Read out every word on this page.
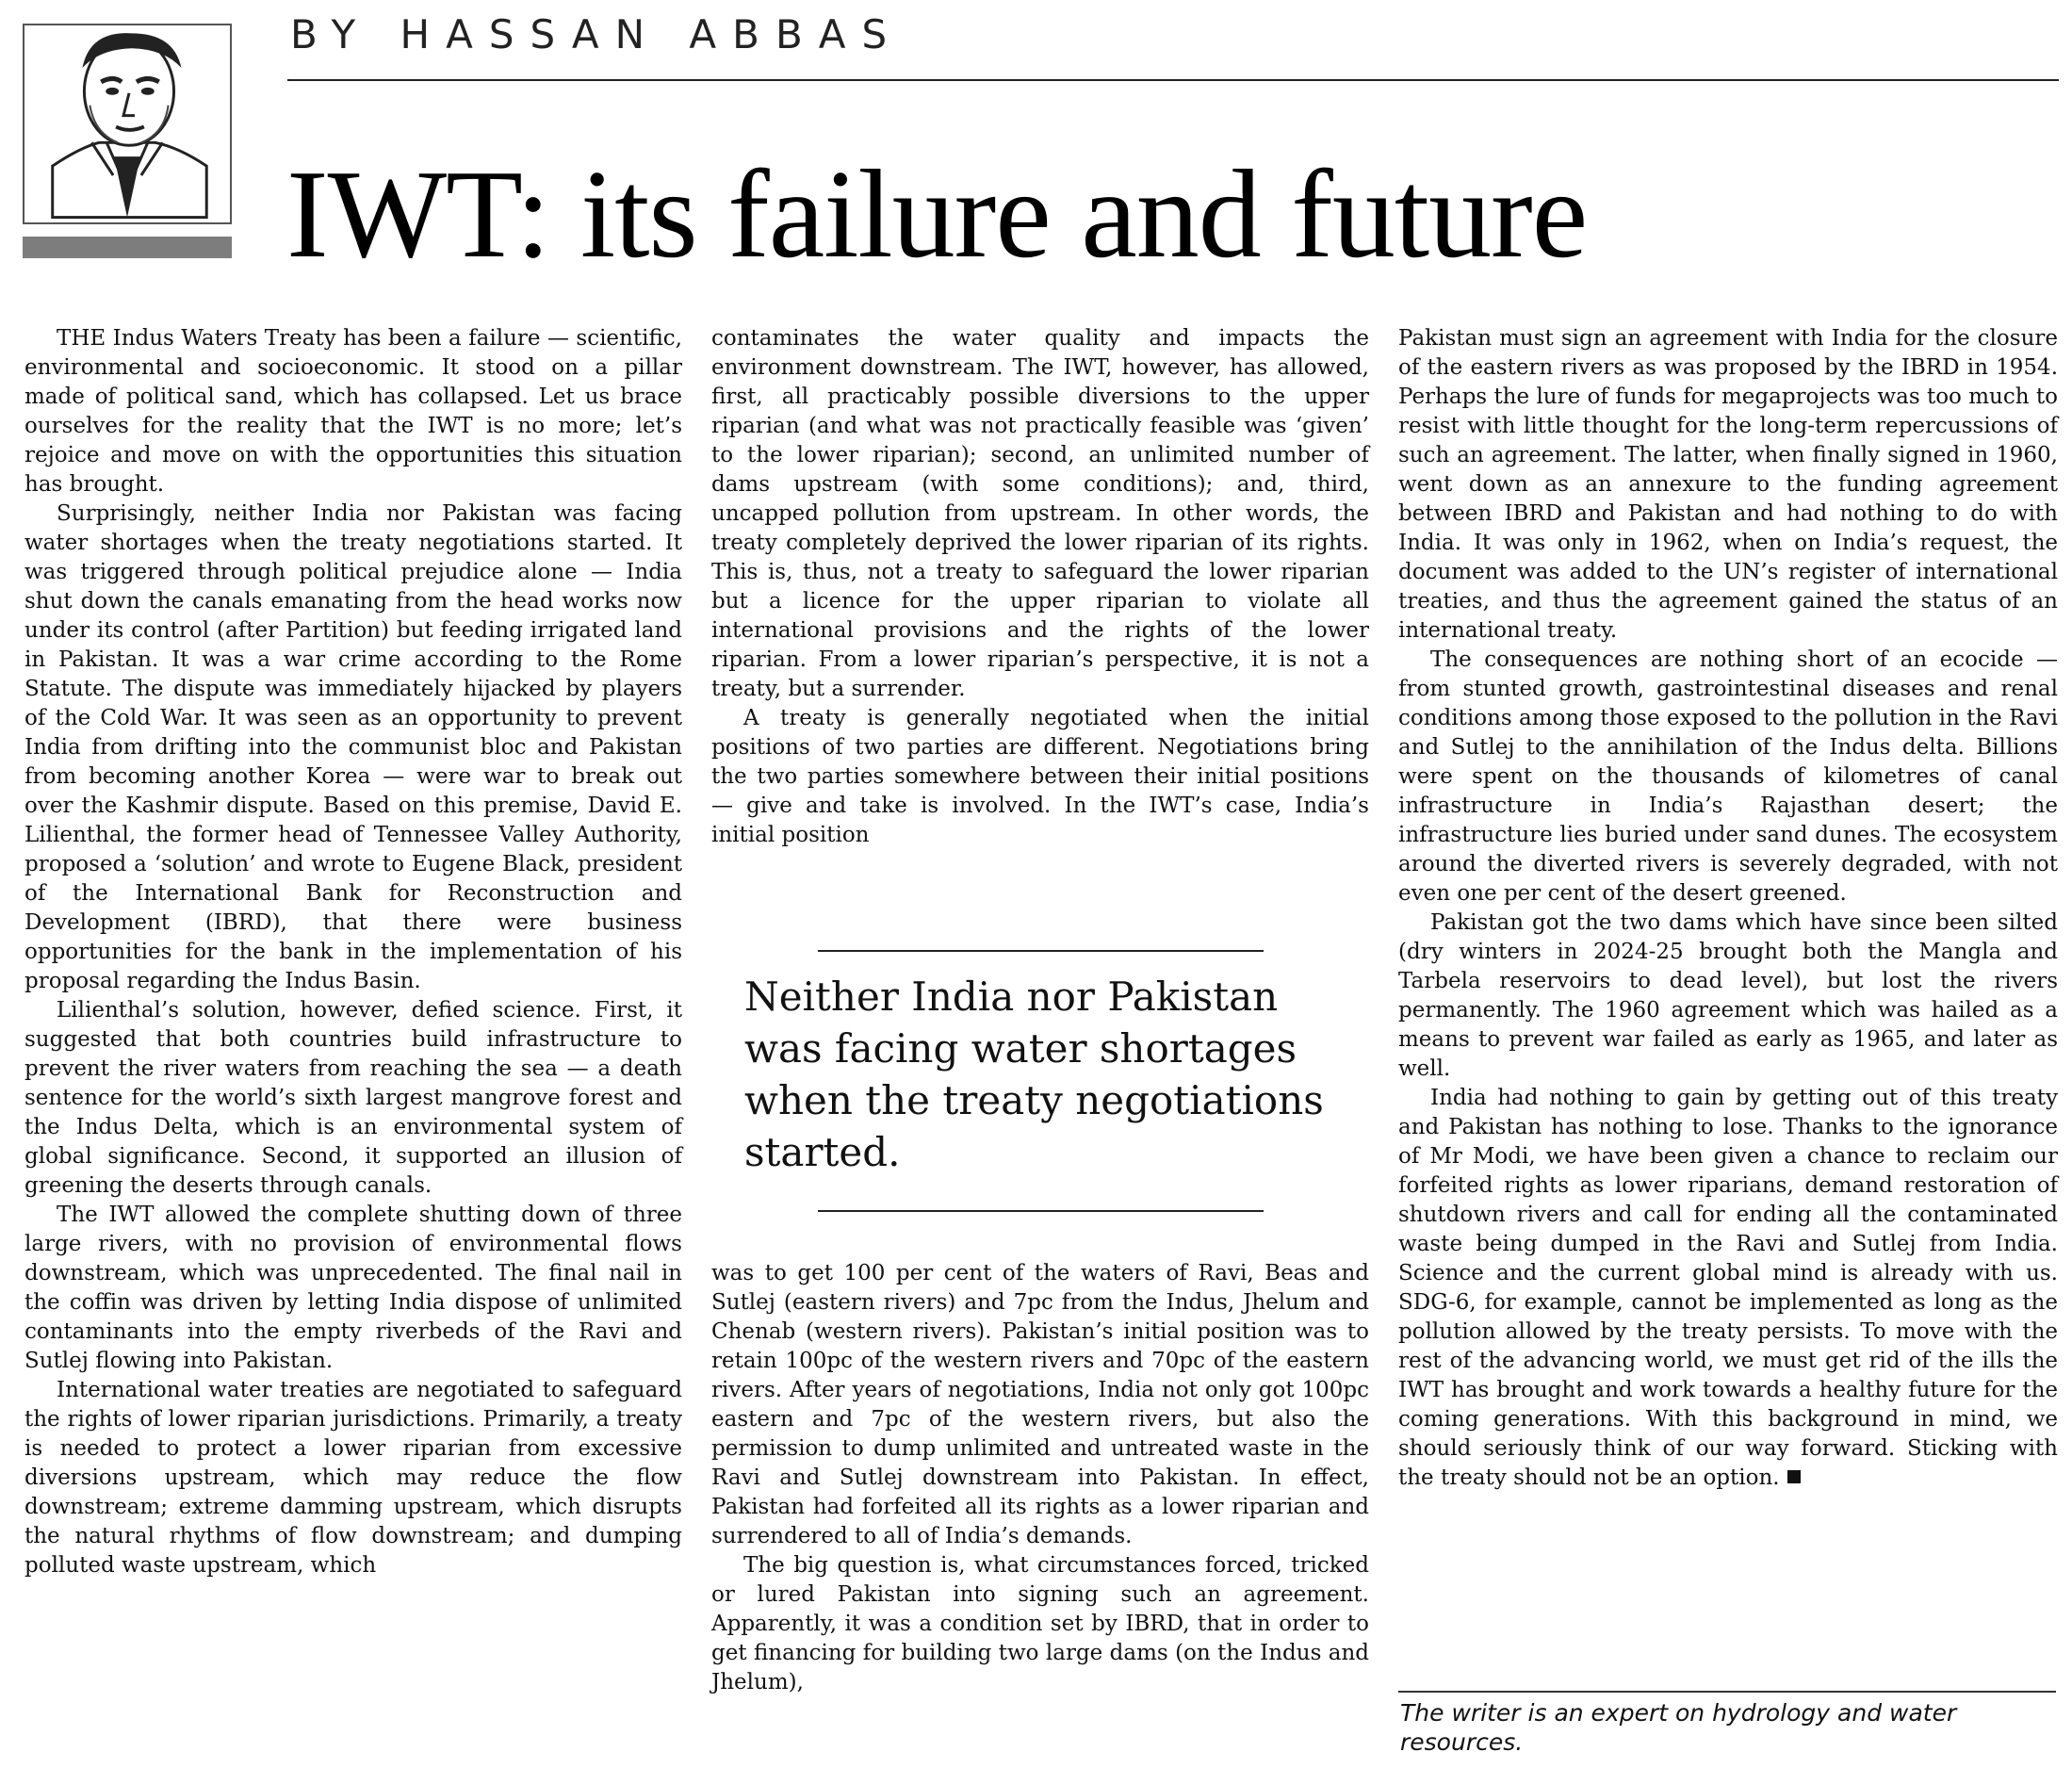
BY HASSAN ABBAS
IWT: its failure and future

THE Indus Waters Treaty has been a failure — scientific, environmental and socioeconomic. It stood on a pillar made of political sand, which has collapsed. Let us brace ourselves for the reality that the IWT is no more; let’s rejoice and move on with the opportunities this situation has brought.

Surprisingly, neither India nor Pakistan was facing water shortages when the treaty negotiations started. It was triggered through political prejudice alone — India shut down the canals emanating from the head works now under its control (after Partition) but feeding irrigated land in Pakistan. It was a war crime according to the Rome Statute. The dispute was immediately hijacked by players of the Cold War. It was seen as an opportunity to prevent India from drifting into the communist bloc and Pakistan from becoming another Korea — were war to break out over the Kashmir dispute. Based on this premise, David E. Lilienthal, the former head of Tennessee Valley Authority, proposed a ‘solution’ and wrote to Eugene Black, president of the International Bank for Reconstruction and Development (IBRD), that there were business opportunities for the bank in the implementation of his proposal regarding the Indus Basin.

Lilienthal’s solution, however, defied science. First, it suggested that both countries build infrastructure to prevent the river waters from reaching the sea — a death sentence for the world’s sixth largest mangrove forest and the Indus Delta, which is an environmental system of global significance. Second, it supported an illusion of greening the deserts through canals.

The IWT allowed the complete shutting down of three large rivers, with no provision of environmental flows downstream, which was unprecedented. The final nail in the coffin was driven by letting India dispose of unlimited contaminants into the empty riverbeds of the Ravi and Sutlej flowing into Pakistan.

International water treaties are negotiated to safeguard the rights of lower riparian jurisdictions. Primarily, a treaty is needed to protect a lower riparian from excessive diversions upstream, which may reduce the flow downstream; extreme damming upstream, which disrupts the natural rhythms of flow downstream; and dumping polluted waste upstream, which

contaminates the water quality and impacts the environment downstream. The IWT, however, has allowed, first, all practicably possible diversions to the upper riparian (and what was not practically feasible was ‘given’ to the lower riparian); second, an unlimited number of dams upstream (with some conditions); and, third, uncapped pollution from upstream. In other words, the treaty completely deprived the lower riparian of its rights. This is, thus, not a treaty to safeguard the lower riparian but a licence for the upper riparian to violate all international provisions and the rights of the lower riparian. From a lower riparian’s perspective, it is not a treaty, but a surrender.

A treaty is generally negotiated when the initial positions of two parties are different. Negotiations bring the two parties somewhere between their initial positions — give and take is involved. In the IWT’s case, India’s initial position

Neither India nor Pakistan was facing water shortages when the treaty negotiations started.

was to get 100 per cent of the waters of Ravi, Beas and Sutlej (eastern rivers) and 7pc from the Indus, Jhelum and Chenab (western rivers). Pakistan’s initial position was to retain 100pc of the western rivers and 70pc of the eastern rivers. After years of negotiations, India not only got 100pc eastern and 7pc of the western rivers, but also the permission to dump unlimited and untreated waste in the Ravi and Sutlej downstream into Pakistan. In effect, Pakistan had forfeited all its rights as a lower riparian and surrendered to all of India’s demands.

The big question is, what circumstances forced, tricked or lured Pakistan into signing such an agreement. Apparently, it was a condition set by IBRD, that in order to get financing for building two large dams (on the Indus and Jhelum),

Pakistan must sign an agreement with India for the closure of the eastern rivers as was proposed by the IBRD in 1954. Perhaps the lure of funds for megaprojects was too much to resist with little thought for the long-term repercussions of such an agreement. The latter, when finally signed in 1960, went down as an annexure to the funding agreement between IBRD and Pakistan and had nothing to do with India. It was only in 1962, when on India’s request, the document was added to the UN’s register of international treaties, and thus the agreement gained the status of an international treaty.

The consequences are nothing short of an ecocide — from stunted growth, gastrointestinal diseases and renal conditions among those exposed to the pollution in the Ravi and Sutlej to the annihilation of the Indus delta. Billions were spent on the thousands of kilometres of canal infrastructure in India’s Rajasthan desert; the infrastructure lies buried under sand dunes. The ecosystem around the diverted rivers is severely degraded, with not even one per cent of the desert greened.

Pakistan got the two dams which have since been silted (dry winters in 2024-25 brought both the Mangla and Tarbela reservoirs to dead level), but lost the rivers permanently. The 1960 agreement which was hailed as a means to prevent war failed as early as 1965, and later as well.

India had nothing to gain by getting out of this treaty and Pakistan has nothing to lose. Thanks to the ignorance of Mr Modi, we have been given a chance to reclaim our forfeited rights as lower riparians, demand restoration of shutdown rivers and call for ending all the contaminated waste being dumped in the Ravi and Sutlej from India. Science and the current global mind is already with us. SDG-6, for example, cannot be implemented as long as the pollution allowed by the treaty persists. To move with the rest of the advancing world, we must get rid of the ills the IWT has brought and work towards a healthy future for the coming generations. With this background in mind, we should seriously think of our way forward. Sticking with the treaty should not be an option.

The writer is an expert on hydrology and water resources.
